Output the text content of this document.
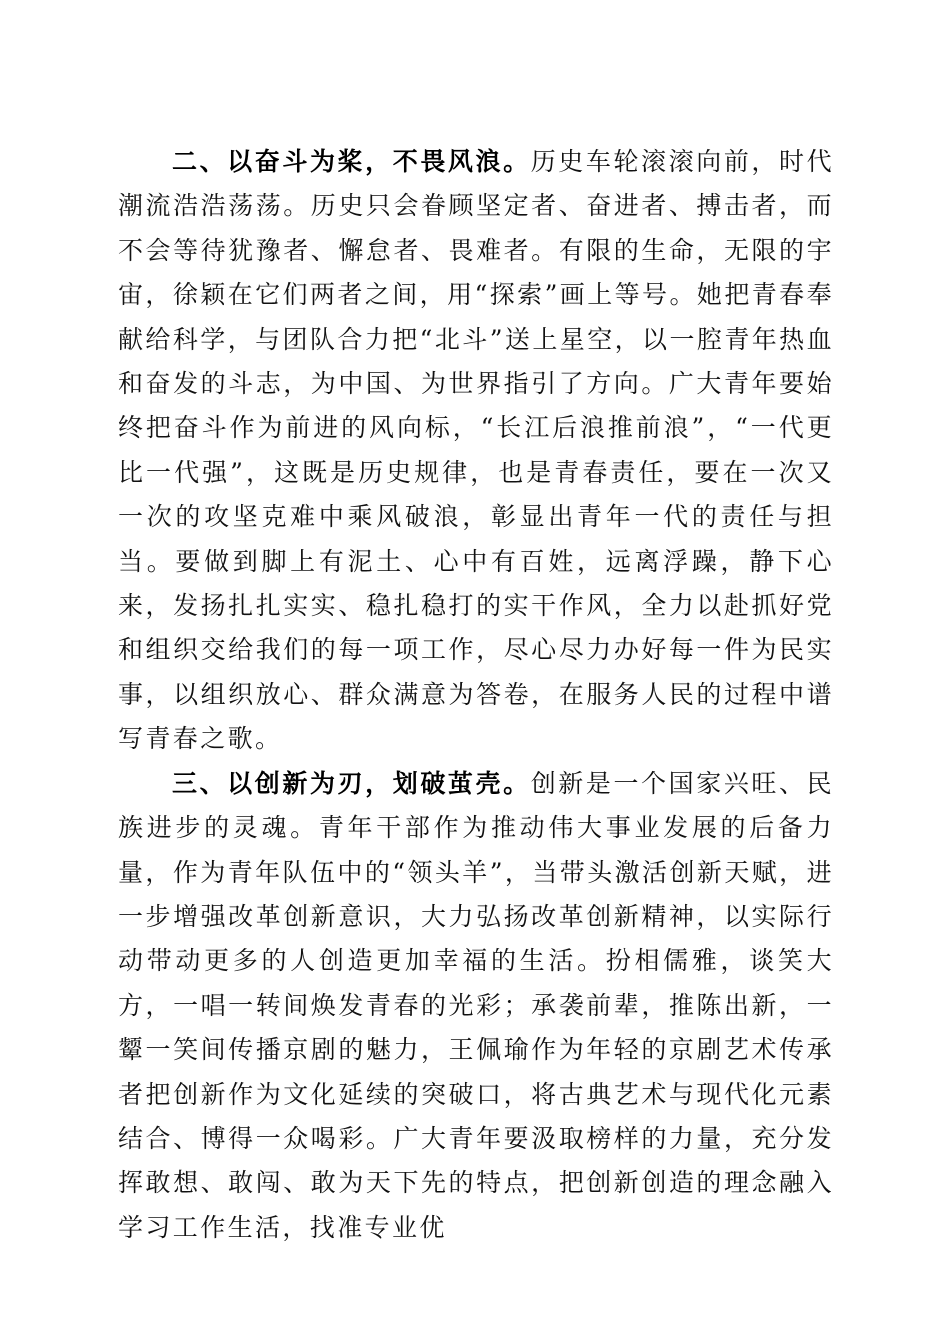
二、以奋斗为桨，不畏风浪。历史车轮滚滚向前，时代潮流浩浩荡荡。历史只会眷顾坚定者、奋进者、搏击者，而不会等待犹豫者、懈怠者、畏难者。有限的生命，无限的宇宙，徐颖在它们两者之间，用“探索”画上等号。她把青春奉献给科学，与团队合力把“北斗”送上星空，以一腔青年热血和奋发的斗志，为中国、为世界指引了方向。广大青年要始终把奋斗作为前进的风向标，“长江后浪推前浪”，“一代更比一代强”，这既是历史规律，也是青春责任，要在一次又一次的攻坚克难中乘风破浪，彰显出青年一代的责任与担当。要做到脚上有泥土、心中有百姓，远离浮躁，静下心来，发扬扎扎实实、稳扎稳打的实干作风，全力以赴抓好党和组织交给我们的每一项工作，尽心尽力办好每一件为民实事，以组织放心、群众满意为答卷，在服务人民的过程中谱写青春之歌。

三、以创新为刃，划破茧壳。创新是一个国家兴旺、民族进步的灵魂。青年干部作为推动伟大事业发展的后备力量，作为青年队伍中的“领头羊”，当带头激活创新天赋，进一步增强改革创新意识，大力弘扬改革创新精神，以实际行动带动更多的人创造更加幸福的生活。扮相儒雅，谈笑大方，一唱一转间焕发青春的光彩；承袭前辈，推陈出新，一颦一笑间传播京剧的魅力，王佩瑜作为年轻的京剧艺术传承者把创新作为文化延续的突破口，将古典艺术与现代化元素结合、博得一众喝彩。广大青年要汲取榜样的力量，充分发挥敢想、敢闯、敢为天下先的特点，把创新创造的理念融入学习工作生活，找准专业优
